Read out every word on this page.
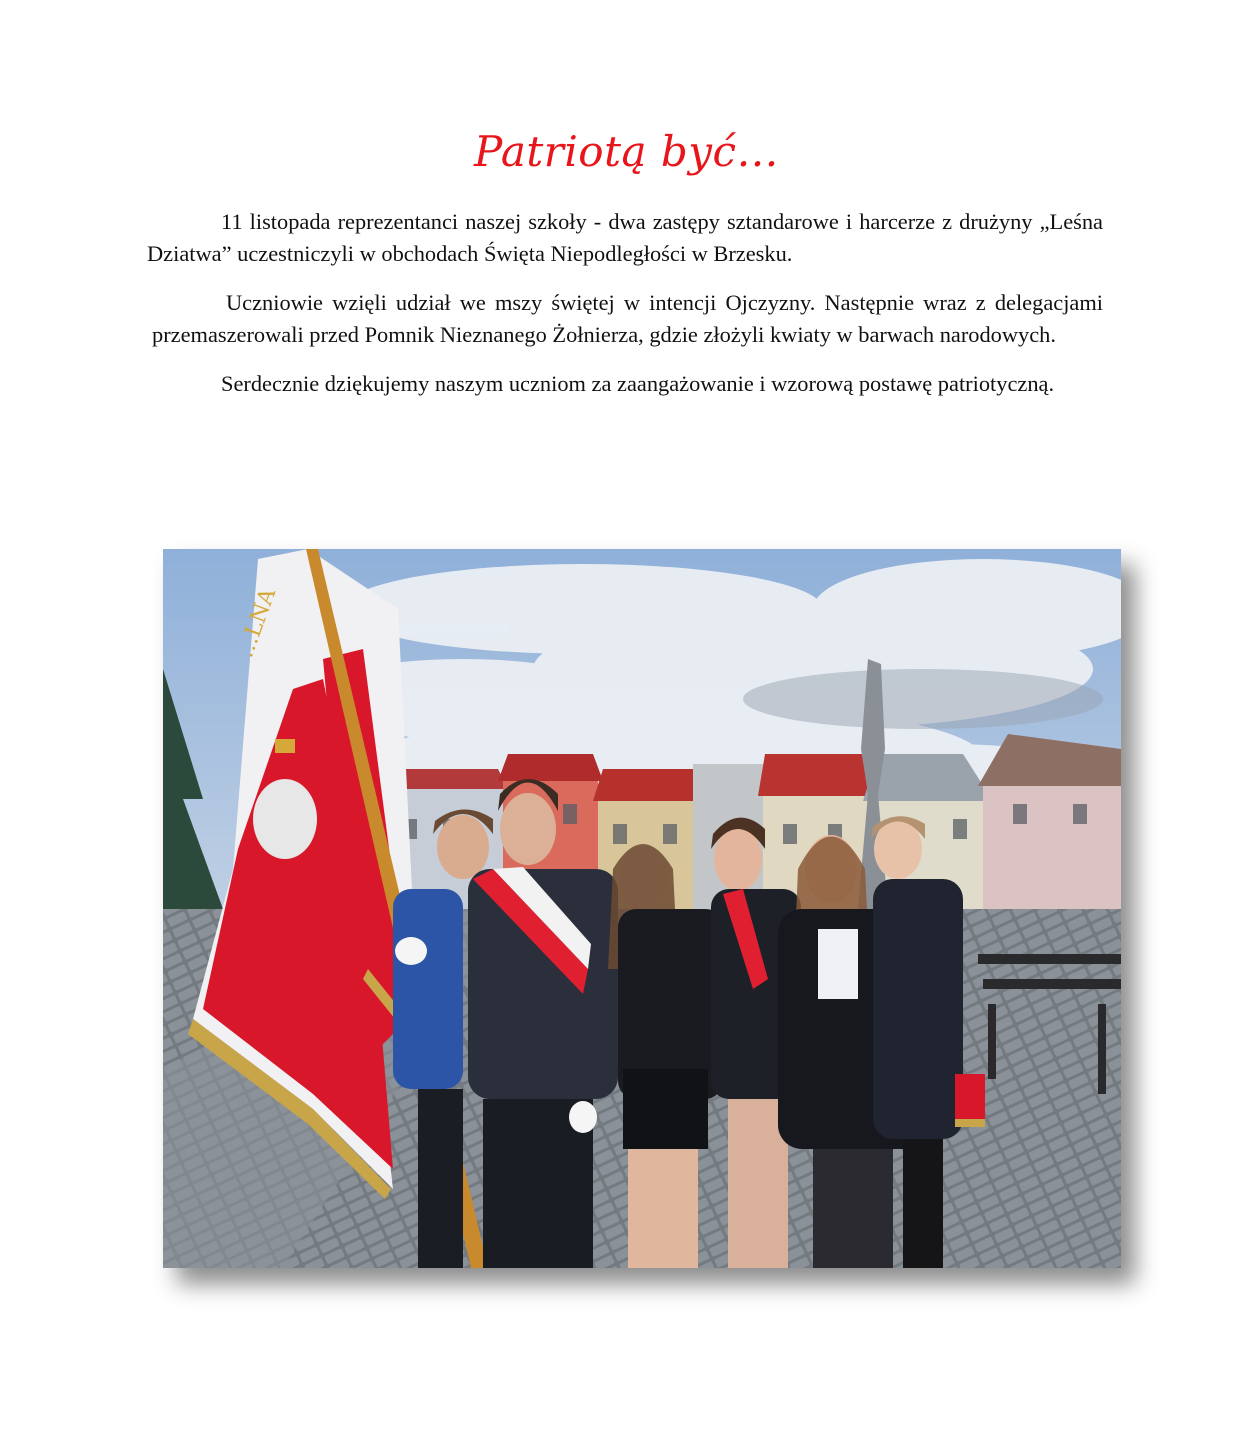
Patriotą być…

11 listopada reprezentanci naszej szkoły - dwa zastępy sztandarowe i harcerze z drużyny „Leśna Dziatwa” uczestniczyli w obchodach Święta Niepodległości w Brzesku.

Uczniowie wzięli udział we mszy świętej w intencji Ojczyzny. Następnie wraz z delegacjami przemaszerowali przed Pomnik Nieznanego Żołnierza, gdzie złożyli kwiaty w barwach narodowych.

Serdecznie dziękujemy naszym uczniom za zaangażowanie i wzorową postawę patriotyczną.

…LNA
